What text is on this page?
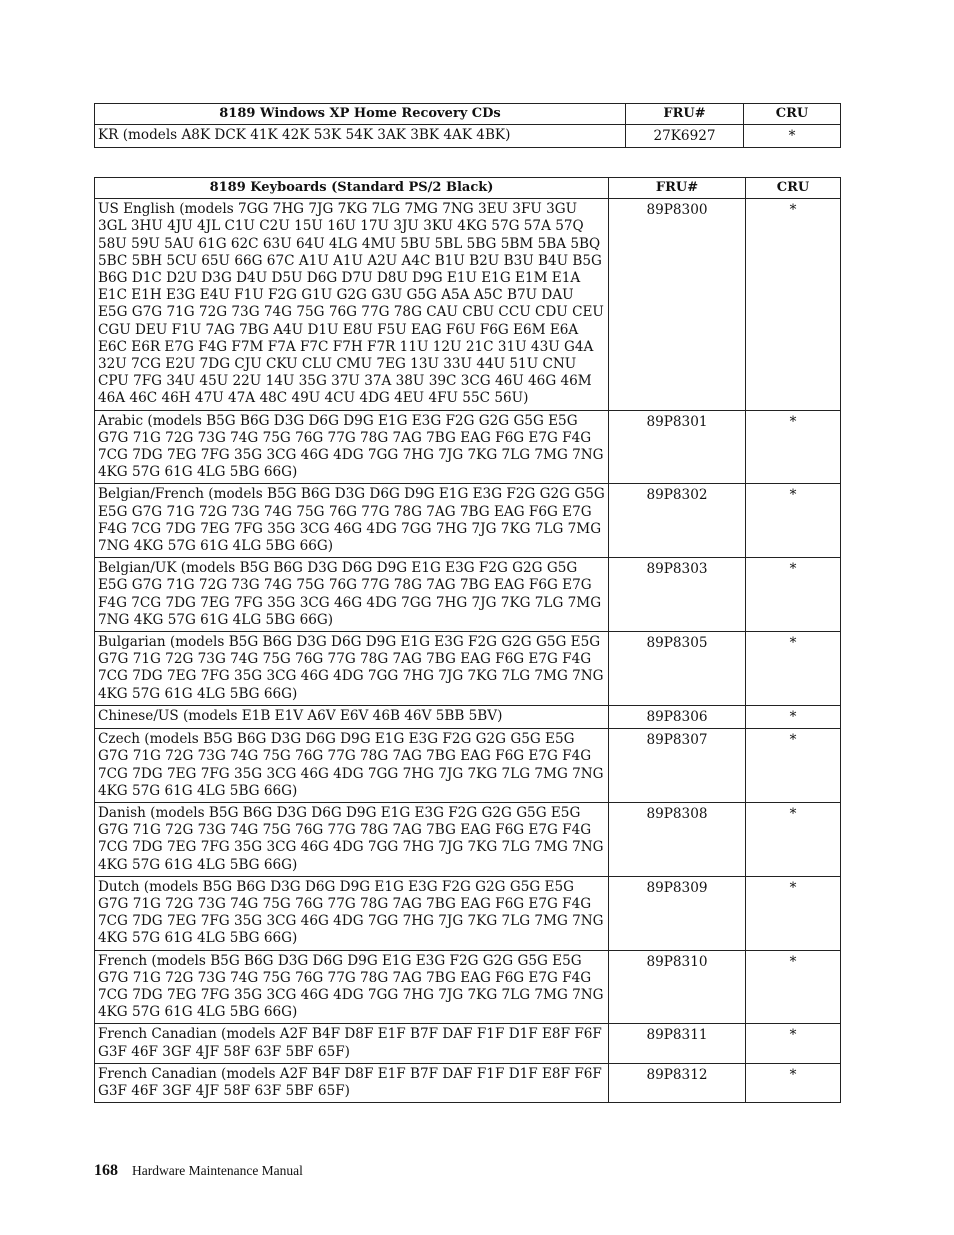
8189 Windows XP Home Recovery CDs	FRU#	CRU
KR (models A8K DCK 41K 42K 53K 54K 3AK 3BK 4AK 4BK)	27K6927	*
8189 Keyboards (Standard PS/2 Black)	FRU#	CRU
US English (models 7GG 7HG 7JG 7KG 7LG 7MG 7NG 3EU 3FU 3GU 3GL 3HU 4JU 4JL C1U C2U 15U 16U 17U 3JU 3KU 4KG 57G 57A 57Q 58U 59U 5AU 61G 62C 63U 64U 4LG 4MU 5BU 5BL 5BG 5BM 5BA 5BQ 5BC 5BH 5CU 65U 66G 67C A1U A1U A2U A4C B1U B2U B3U B4U B5G B6G D1C D2U D3G D4U D5U D6G D7U D8U D9G E1U E1G E1M E1A E1C E1H E3G E4U F1U F2G G1U G2G G3U G5G A5A A5C B7U DAU E5G G7G 71G 72G 73G 74G 75G 76G 77G 78G CAU CBU CCU CDU CEU CGU DEU F1U 7AG 7BG A4U D1U E8U F5U EAG F6U F6G E6M E6A E6C E6R E7G F4G F7M F7A F7C F7H F7R 11U 12U 21C 31U 43U G4A 32U 7CG E2U 7DG CJU CKU CLU CMU 7EG 13U 33U 44U 51U CNU CPU 7FG 34U 45U 22U 14U 35G 37U 37A 38U 39C 3CG 46U 46G 46M 46A 46C 46H 47U 47A 48C 49U 4CU 4DG 4EU 4FU 55C 56U)	89P8300	*
Arabic (models B5G B6G D3G D6G D9G E1G E3G F2G G2G G5G E5G G7G 71G 72G 73G 74G 75G 76G 77G 78G 7AG 7BG EAG F6G E7G F4G 7CG 7DG 7EG 7FG 35G 3CG 46G 4DG 7GG 7HG 7JG 7KG 7LG 7MG 7NG 4KG 57G 61G 4LG 5BG 66G)	89P8301	*
Belgian/French (models B5G B6G D3G D6G D9G E1G E3G F2G G2G G5G E5G G7G 71G 72G 73G 74G 75G 76G 77G 78G 7AG 7BG EAG F6G E7G F4G 7CG 7DG 7EG 7FG 35G 3CG 46G 4DG 7GG 7HG 7JG 7KG 7LG 7MG 7NG 4KG 57G 61G 4LG 5BG 66G)	89P8302	*
Belgian/UK (models B5G B6G D3G D6G D9G E1G E3G F2G G2G G5G E5G G7G 71G 72G 73G 74G 75G 76G 77G 78G 7AG 7BG EAG F6G E7G F4G 7CG 7DG 7EG 7FG 35G 3CG 46G 4DG 7GG 7HG 7JG 7KG 7LG 7MG 7NG 4KG 57G 61G 4LG 5BG 66G)	89P8303	*
Bulgarian (models B5G B6G D3G D6G D9G E1G E3G F2G G2G G5G E5G G7G 71G 72G 73G 74G 75G 76G 77G 78G 7AG 7BG EAG F6G E7G F4G 7CG 7DG 7EG 7FG 35G 3CG 46G 4DG 7GG 7HG 7JG 7KG 7LG 7MG 7NG 4KG 57G 61G 4LG 5BG 66G)	89P8305	*
Chinese/US (models E1B E1V A6V E6V 46B 46V 5BB 5BV)	89P8306	*
Czech (models B5G B6G D3G D6G D9G E1G E3G F2G G2G G5G E5G G7G 71G 72G 73G 74G 75G 76G 77G 78G 7AG 7BG EAG F6G E7G F4G 7CG 7DG 7EG 7FG 35G 3CG 46G 4DG 7GG 7HG 7JG 7KG 7LG 7MG 7NG 4KG 57G 61G 4LG 5BG 66G)	89P8307	*
Danish (models B5G B6G D3G D6G D9G E1G E3G F2G G2G G5G E5G G7G 71G 72G 73G 74G 75G 76G 77G 78G 7AG 7BG EAG F6G E7G F4G 7CG 7DG 7EG 7FG 35G 3CG 46G 4DG 7GG 7HG 7JG 7KG 7LG 7MG 7NG 4KG 57G 61G 4LG 5BG 66G)	89P8308	*
Dutch (models B5G B6G D3G D6G D9G E1G E3G F2G G2G G5G E5G G7G 71G 72G 73G 74G 75G 76G 77G 78G 7AG 7BG EAG F6G E7G F4G 7CG 7DG 7EG 7FG 35G 3CG 46G 4DG 7GG 7HG 7JG 7KG 7LG 7MG 7NG 4KG 57G 61G 4LG 5BG 66G)	89P8309	*
French (models B5G B6G D3G D6G D9G E1G E3G F2G G2G G5G E5G G7G 71G 72G 73G 74G 75G 76G 77G 78G 7AG 7BG EAG F6G E7G F4G 7CG 7DG 7EG 7FG 35G 3CG 46G 4DG 7GG 7HG 7JG 7KG 7LG 7MG 7NG 4KG 57G 61G 4LG 5BG 66G)	89P8310	*
French Canadian (models A2F B4F D8F E1F B7F DAF F1F D1F E8F F6F G3F 46F 3GF 4JF 58F 63F 5BF 65F)	89P8311	*
French Canadian (models A2F B4F D8F E1F B7F DAF F1F D1F E8F F6F G3F 46F 3GF 4JF 58F 63F 5BF 65F)	89P8312	*
168 Hardware Maintenance Manual
